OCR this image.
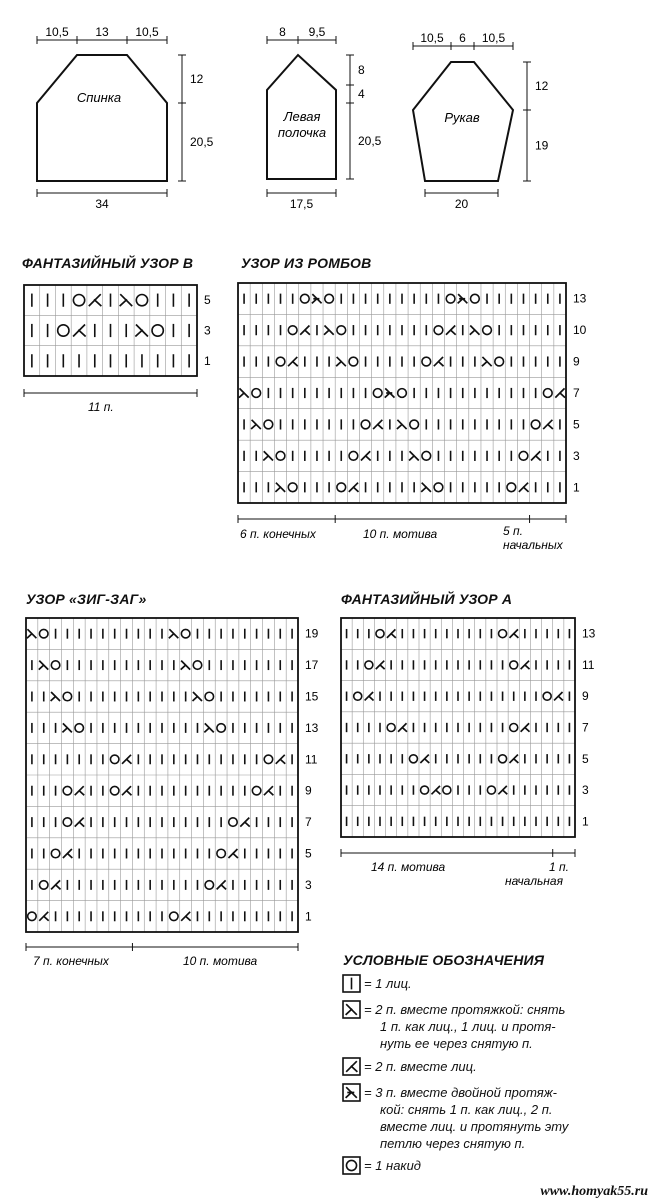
10,5 13 10,5
12
20,5
34
Спинка
8 9,5
8
4
20,5
17,5
Левая
полочка
10,5 6 10,5
12
19
20
Рукав
5
3
1
11 п.
13
10
9
7
5
3
1
6 п. конечных	10 п. мотива	5 п.
начальных
19
17
15
13
11
9
7
5
3
1
7 п. конечных	10 п. мотива
13
11
9
7
5
3
1
14 п. мотива	1 п.
начальная
ФАНТАЗИЙНЫЙ УЗОР В	УЗОР ИЗ РОМБОВ
УЗОР «ЗИГ-ЗАГ»	ФАНТАЗИЙНЫЙ УЗОР А
УСЛОВНЫЕ ОБОЗНАЧЕНИЯ
= 1 лиц.
= 2 п. вместе протяжкой: снять
1 п. как лиц., 1 лиц. и протя-
нуть ее через снятую п.
= 2 п. вместе лиц.
= 3 п. вместе двойной протяж-
кой: снять 1 п. как лиц., 2 п.
вместе лиц. и протянуть эту
петлю через снятую п.
= 1 накид
www.homyak55.ru
